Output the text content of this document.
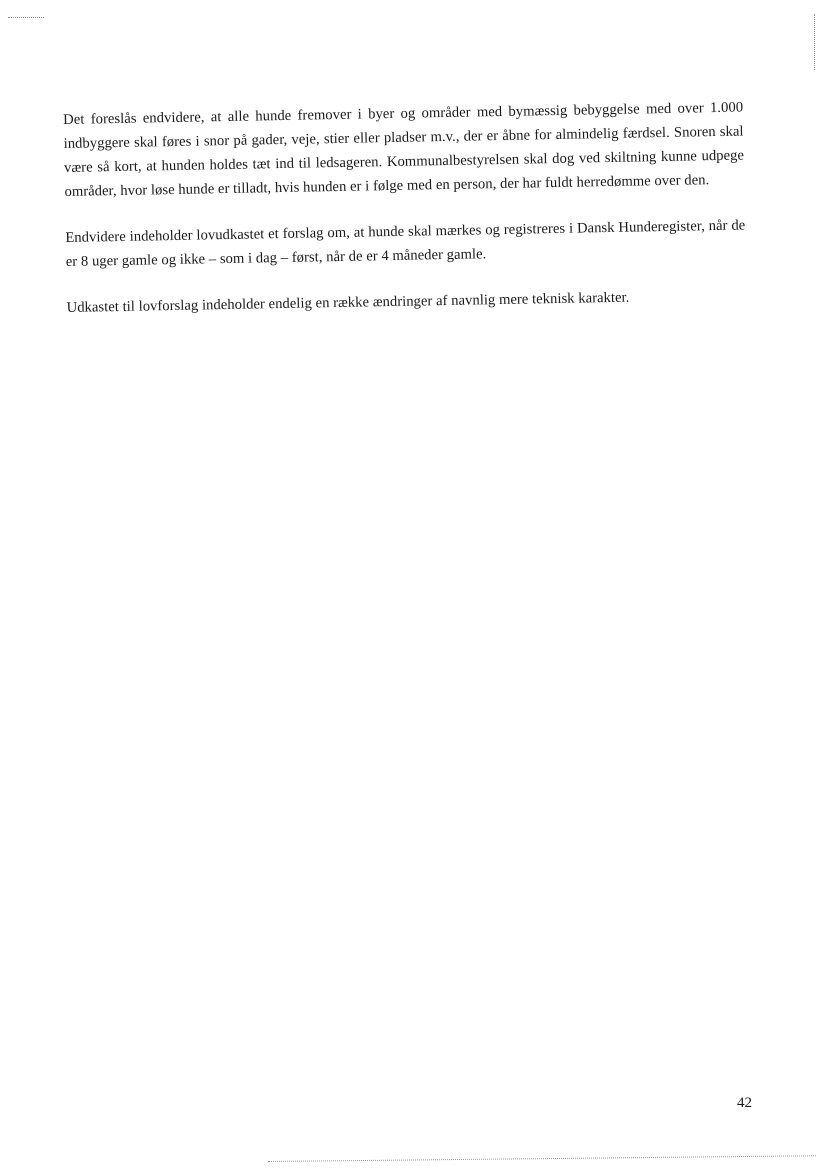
Det foreslås endvidere, at alle hunde fremover i byer og områder med bymæssig bebyggelse med over 1.000 indbyggere skal føres i snor på gader, veje, stier eller pladser m.v., der er åbne for almindelig færdsel. Snoren skal være så kort, at hunden holdes tæt ind til ledsageren. Kommunalbestyrelsen skal dog ved skiltning kunne udpege områder, hvor løse hunde er tilladt, hvis hunden er i følge med en person, der har fuldt herredømme over den.

Endvidere indeholder lovudkastet et forslag om, at hunde skal mærkes og registreres i Dansk Hunderegister, når de er 8 uger gamle og ikke – som i dag – først, når de er 4 måneder gamle.

Udkastet til lovforslag indeholder endelig en række ændringer af navnlig mere teknisk karakter.

42
